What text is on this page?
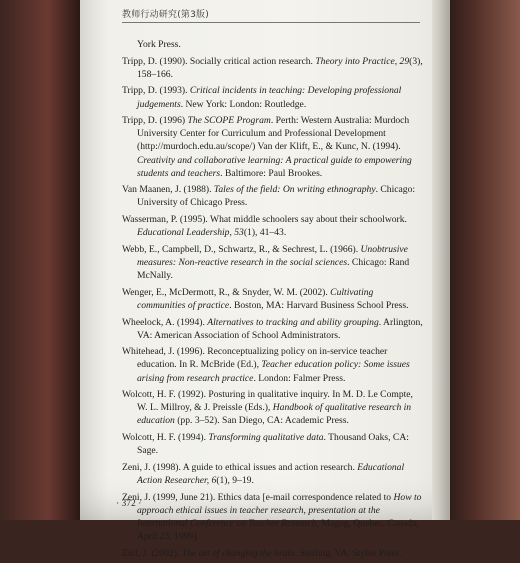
教师行动研究(第3版)
York Press.
Tripp, D. (1990). Socially critical action research. Theory into Practice, 29(3), 158–166.
Tripp, D. (1993). Critical incidents in teaching: Developing professional judgements. New York: London: Routledge.
Tripp, D. (1996) The SCOPE Program. Perth: Western Australia: Murdoch University Center for Curriculum and Professional Development (http://murdoch.edu.au/scope/) Van der Klift, E., & Kunc, N. (1994). Creativity and collaborative learning: A practical guide to empowering students and teachers. Baltimore: Paul Brookes.
Van Maanen, J. (1988). Tales of the field: On writing ethnography. Chicago: University of Chicago Press.
Wasserman, P. (1995). What middle schoolers say about their schoolwork. Educational Leadership, 53(1), 41–43.
Webb, E., Campbell, D., Schwartz, R., & Sechrest, L. (1966). Unobtrusive measures: Non-reactive research in the social sciences. Chicago: Rand McNally.
Wenger, E., McDermott, R., & Snyder, W. M. (2002). Cultivating communities of practice. Boston, MA: Harvard Business School Press.
Wheelock, A. (1994). Alternatives to tracking and ability grouping. Arlington, VA: American Association of School Administrators.
Whitehead, J. (1996). Reconceptualizing policy on in-service teacher education. In R. McBride (Ed.), Teacher education policy: Some issues arising from research practice. London: Falmer Press.
Wolcott, H. F. (1992). Posturing in qualitative inquiry. In M. D. Le Compte, W. L. Millroy, & J. Preissle (Eds.), Handbook of qualitative research in education (pp. 3–52). San Diego, CA: Academic Press.
Wolcott, H. F. (1994). Transforming qualitative data. Thousand Oaks, CA: Sage.
Zeni, J. (1998). A guide to ethical issues and action research. Educational Action Researcher, 6(1), 9–19.
Zeni, J. (1999, June 21). Ethics data [e-mail correspondence related to How to approach ethical issues in teacher research, presentation at the International Conference on Teacher Research, Magog, Quebec, Canada, April 23, 1999].
Zull, J. (2002). The art of changing the brain. Sterling, VA: Stylus Press.
· 372 ·
